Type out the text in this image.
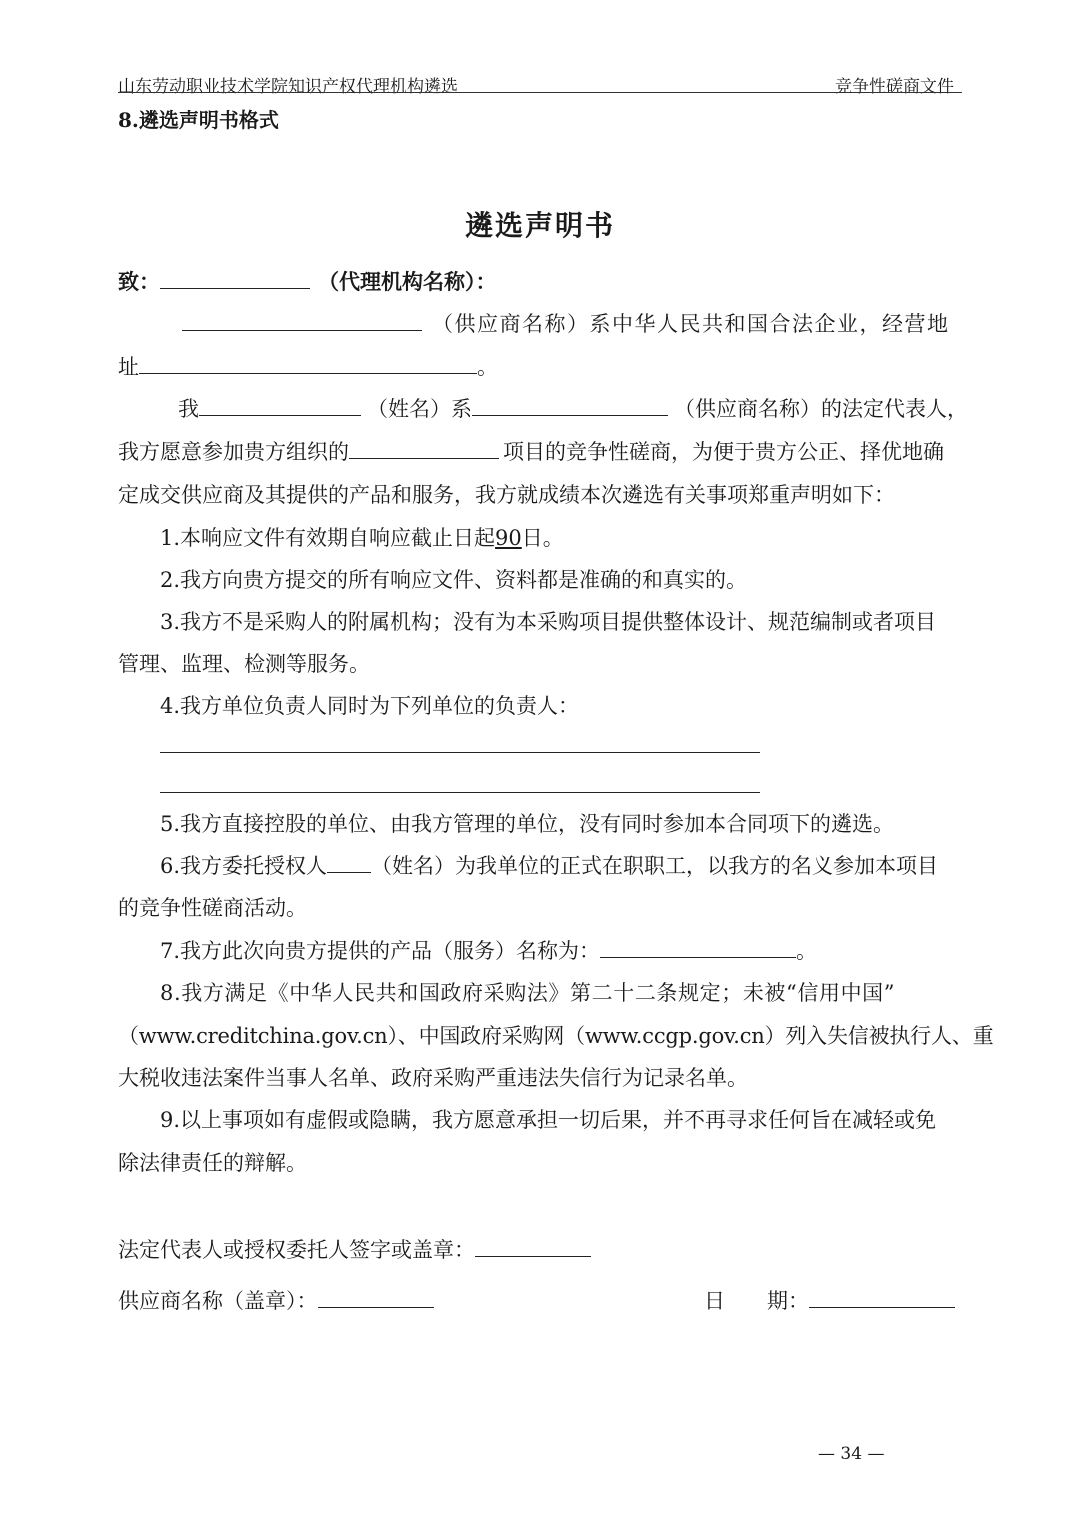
山东劳动职业技术学院知识产权代理机构遴选	竞争性磋商文件
8.遴选声明书格式
遴选声明书
致：	（代理机构名称）：
（供应商名称）系中华人民共和国合法企业，经营地
址	。
我	（姓名）系	（供应商名称）的法定代表人，
我方愿意参加贵方组织的	项目的竞争性磋商，为便于贵方公正、择优地确
定成交供应商及其提供的产品和服务，我方就成绩本次遴选有关事项郑重声明如下：
1.本响应文件有效期自响应截止日起90日。
2.我方向贵方提交的所有响应文件、资料都是准确的和真实的。
3.我方不是采购人的附属机构；没有为本采购项目提供整体设计、规范编制或者项目
管理、监理、检测等服务。
4.我方单位负责人同时为下列单位的负责人：
5.我方直接控股的单位、由我方管理的单位，没有同时参加本合同项下的遴选。
6.我方委托授权人 （姓名）为我单位的正式在职职工，以我方的名义参加本项目
的竞争性磋商活动。
7.我方此次向贵方提供的产品（服务）名称为：	。
8.我方满足《中华人民共和国政府采购法》第二十二条规定；未被“信用中国”
（www.creditchina.gov.cn）、中国政府采购网（www.ccgp.gov.cn）列入失信被执行人、重
大税收违法案件当事人名单、政府采购严重违法失信行为记录名单。
9.以上事项如有虚假或隐瞒，我方愿意承担一切后果，并不再寻求任何旨在减轻或免
除法律责任的辩解。
法定代表人或授权委托人签字或盖章：
供应商名称（盖章）：	日　　期：
— 34 —
